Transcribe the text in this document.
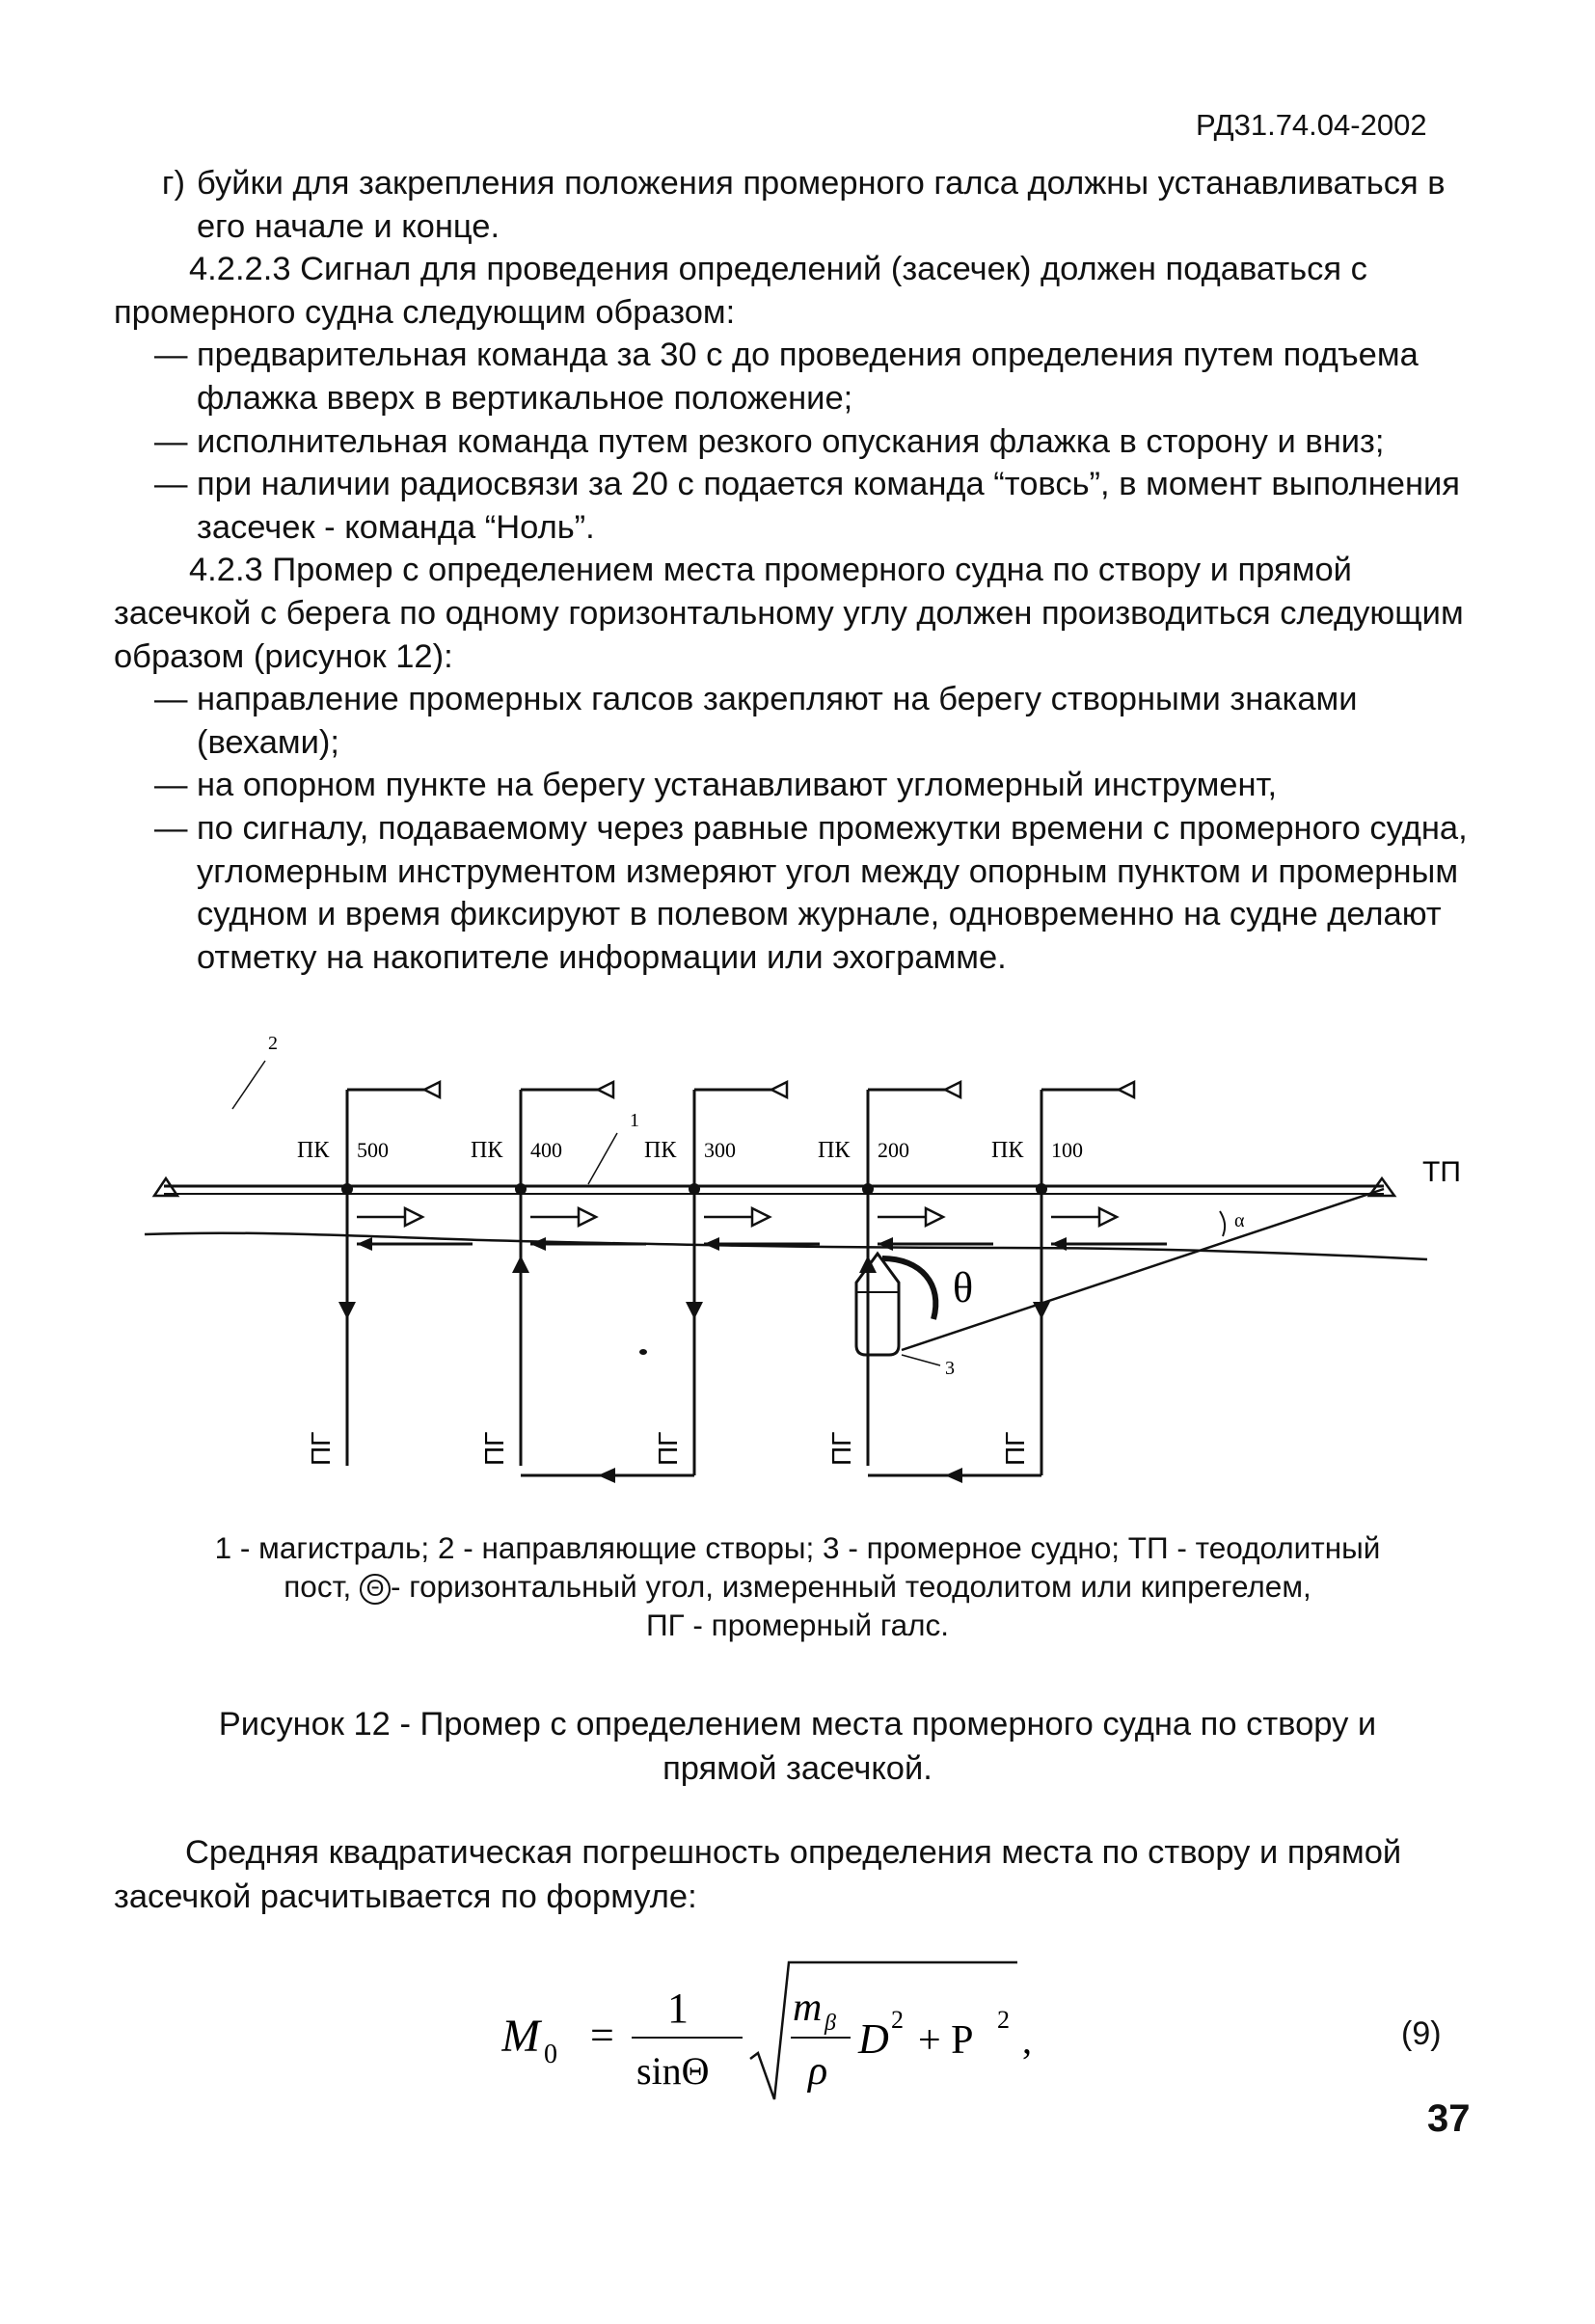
РД31.74.04-2002

г) буйки для закрепления положения промерного галса должны устанавливаться в его начале и конце.

4.2.2.3 Сигнал для проведения определений (засечек) должен подаваться с промерного судна следующим образом:

— предварительная команда за 30 с до проведения определения путем подъема флажка вверх в вертикальное положение;

— исполнительная команда путем резкого опускания флажка в сторону и вниз;

— при наличии радиосвязи за 20 с подается команда “товсь”, в момент выполнения засечек - команда “Ноль”.

4.2.3 Промер с определением места промерного судна по створу и прямой засечкой с берега по одному горизонтальному углу должен производиться следующим образом (рисунок 12):

— направление промерных галсов закрепляют на берегу створными знаками (вехами);

— на опорном пункте на берегу устанавливают угломерный инструмент,

— по сигналу, подаваемому через равные промежутки времени с промерного судна, угломерным инструментом измеряют угол между опорным пунктом и промерным судном и время фиксируют в полевом журнале, одновременно на судне делают отметку на накопителе информации или эхограмме.

α
ПК 500
ПГ
ПК 400
ПГ
ПК 300
ПГ
ПК 200
ПГ
ПК 100
ПГ
3
θ
2
1
ТП
1 - магистраль; 2 - направляющие створы; 3 - промерное судно; ТП - теодолитный
пост, Θ - горизонтальный угол, измеренный теодолитом или кипрегелем,
ПГ - промерный галс.
Рисунок 12 - Промер с определением места промерного судна по створу и прямой засечкой.
Средняя квадратическая погрешность определения места по створу и прямой засечкой расчитывается по формуле:
M 0 =
1
sinΘ
m β
ρ
D 2 + P 2 ,	(9)
37
